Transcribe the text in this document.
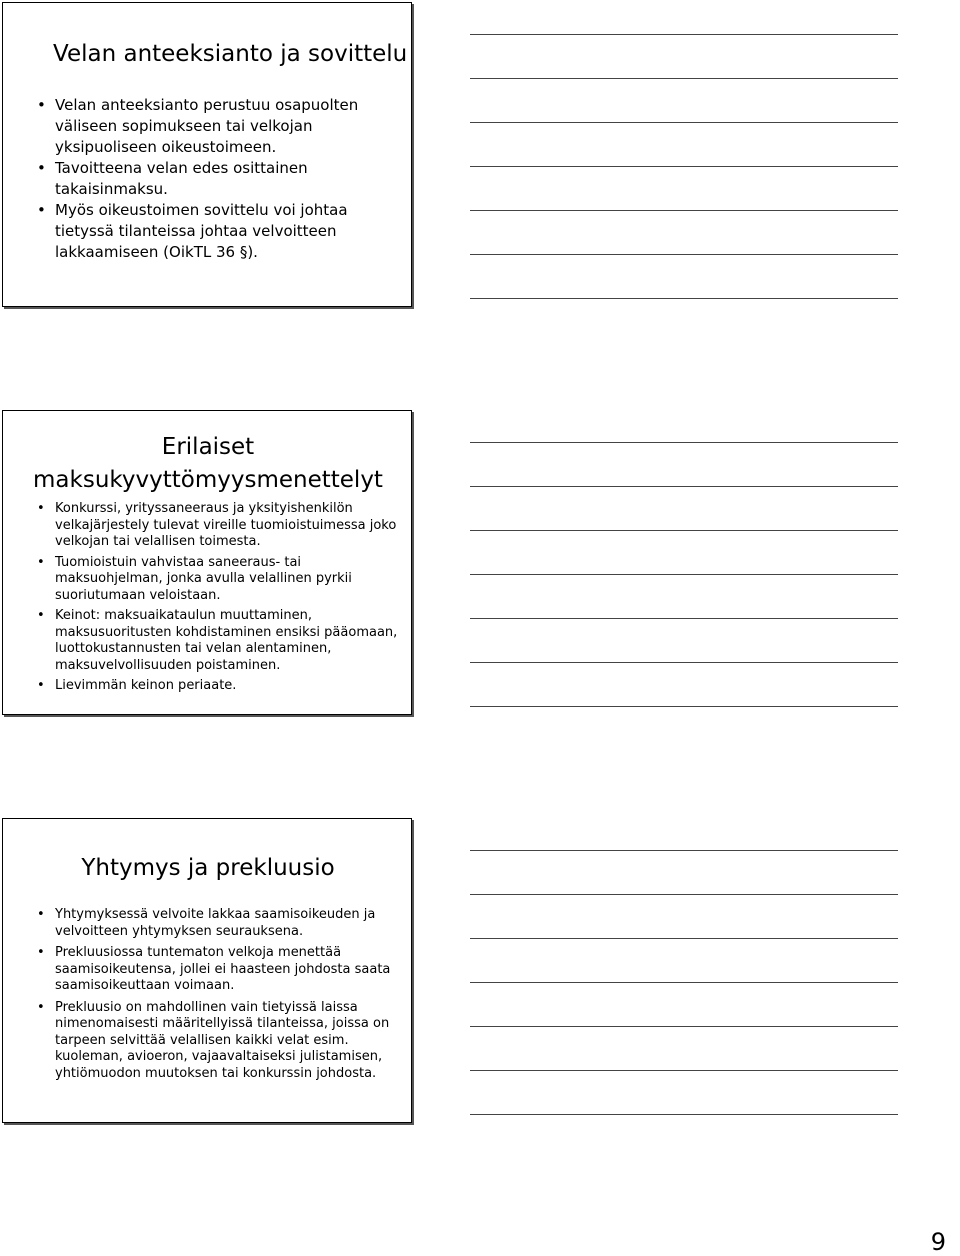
Velan anteeksianto ja sovittelu
• Velan anteeksianto perustuu osapuolten väliseen sopimukseen tai velkojan yksipuoliseen oikeustoimeen.
• Tavoitteena velan edes osittainen takaisinmaksu.
• Myös oikeustoimen sovittelu voi johtaa tietyssä tilanteissa johtaa velvoitteen lakkaamiseen (OikTL 36 §).
Erilaiset maksukyvyttömyysmenettelyt
• Konkurssi, yrityssaneeraus ja yksityishenkilön velkajärjestely tulevat vireille tuomioistuimessa joko velkojan tai velallisen toimesta.
• Tuomioistuin vahvistaa saneeraus- tai maksuohjelman, jonka avulla velallinen pyrkii suoriutumaan veloistaan.
• Keinot: maksuaikataulun muuttaminen, maksusuoritusten kohdistaminen ensiksi pääomaan, luottokustannusten tai velan alentaminen, maksuvelvollisuuden poistaminen.
• Lievimmän keinon periaate.
Yhtymys ja prekluusio
• Yhtymyksessä velvoite lakkaa saamisoikeuden ja velvoitteen yhtymyksen seurauksena.
• Prekluusiossa tuntematon velkoja menettää saamisoikeutensa, jollei ei haasteen johdosta saata saamisoikeuttaan voimaan.
• Prekluusio on mahdollinen vain tietyissä laissa nimenomaisesti määritellyissä tilanteissa, joissa on tarpeen selvittää velallisen kaikki velat esim.
kuoleman, avioeron, vajaavaltaiseksi julistamisen, yhtiömuodon muutoksen tai konkurssin johdosta.
9
